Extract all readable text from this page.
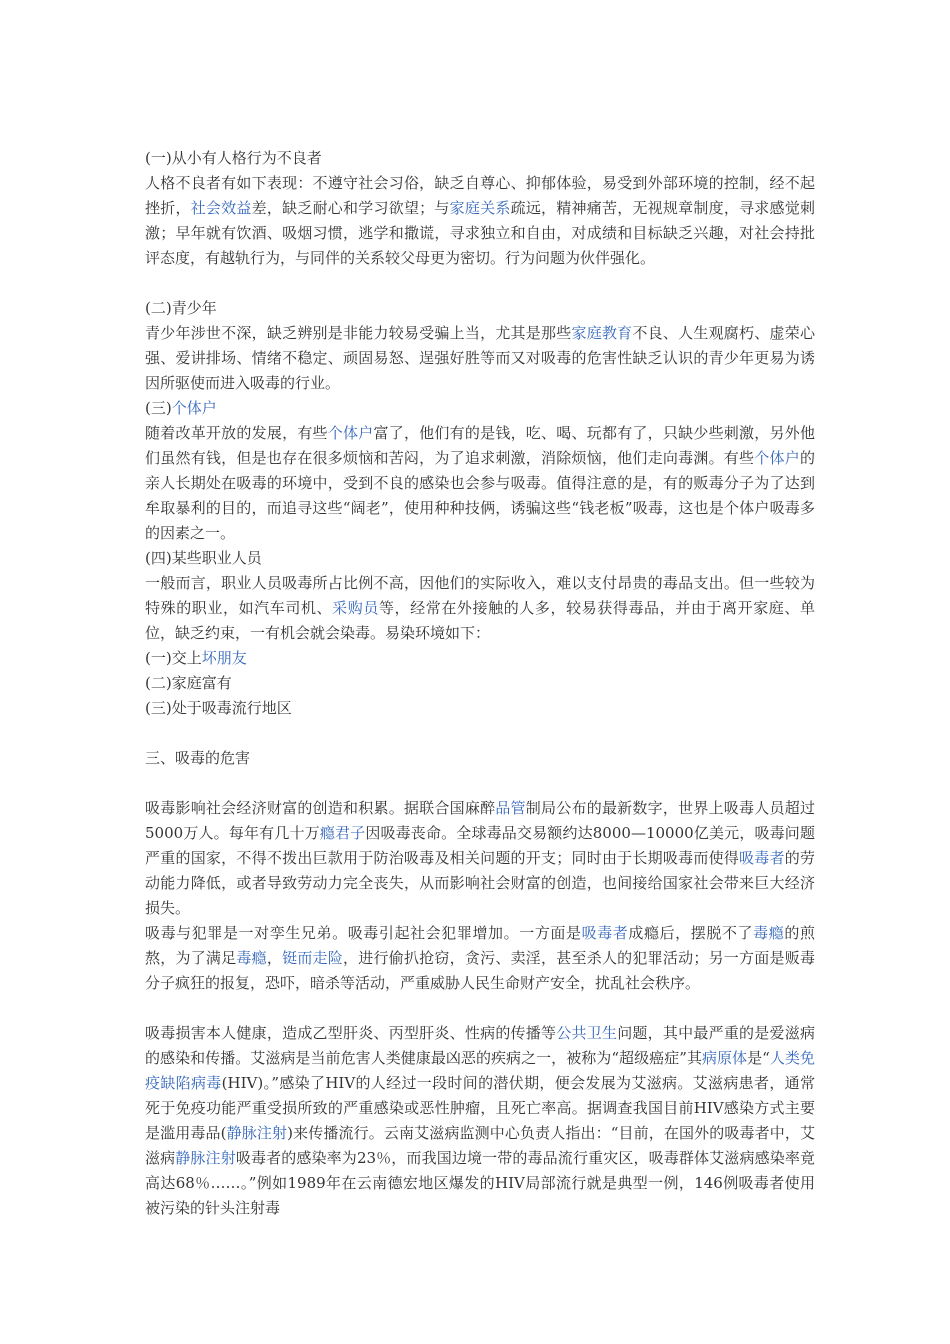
(一)从小有人格行为不良者

人格不良者有如下表现：不遵守社会习俗，缺乏自尊心、抑郁体验，易受到外部环境的控制，经不起挫折，社会效益差，缺乏耐心和学习欲望；与家庭关系疏远，精神痛苦，无视规章制度，寻求感觉刺激；早年就有饮酒、吸烟习惯，逃学和撒谎，寻求独立和自由，对成绩和目标缺乏兴趣，对社会持批评态度，有越轨行为，与同伴的关系较父母更为密切。行为问题为伙伴强化。

(二)青少年

青少年涉世不深，缺乏辨别是非能力较易受骗上当，尤其是那些家庭教育不良、人生观腐朽、虚荣心强、爱讲排场、情绪不稳定、顽固易怒、逞强好胜等而又对吸毒的危害性缺乏认识的青少年更易为诱因所驱使而进入吸毒的行业。

(三)个体户

随着改革开放的发展，有些个体户富了，他们有的是钱，吃、喝、玩都有了，只缺少些刺激，另外他们虽然有钱，但是也存在很多烦恼和苦闷，为了追求刺激，消除烦恼，他们走向毒渊。有些个体户的亲人长期处在吸毒的环境中，受到不良的感染也会参与吸毒。值得注意的是，有的贩毒分子为了达到牟取暴利的目的，而追寻这些“阔老”，使用种种技俩，诱骗这些“钱老板”吸毒，这也是个体户吸毒多的因素之一。

(四)某些职业人员

一般而言，职业人员吸毒所占比例不高，因他们的实际收入，难以支付昂贵的毒品支出。但一些较为特殊的职业，如汽车司机、采购员等，经常在外接触的人多，较易获得毒品，并由于离开家庭、单位，缺乏约束，一有机会就会染毒。易染环境如下：

(一)交上坏朋友

(二)家庭富有

(三)处于吸毒流行地区

三、吸毒的危害

吸毒影响社会经济财富的创造和积累。据联合国麻醉品管制局公布的最新数字，世界上吸毒人员超过5000万人。每年有几十万瘾君子因吸毒丧命。全球毒品交易额约达8000—10000亿美元，吸毒问题严重的国家，不得不拨出巨款用于防治吸毒及相关问题的开支；同时由于长期吸毒而使得吸毒者的劳动能力降低，或者导致劳动力完全丧失，从而影响社会财富的创造，也间接给国家社会带来巨大经济损失。

吸毒与犯罪是一对孪生兄弟。吸毒引起社会犯罪增加。一方面是吸毒者成瘾后，摆脱不了毒瘾的煎熬，为了满足毒瘾，铤而走险，进行偷扒抢窃，贪污、卖淫，甚至杀人的犯罪活动；另一方面是贩毒分子疯狂的报复，恐吓，暗杀等活动，严重威胁人民生命财产安全，扰乱社会秩序。

吸毒损害本人健康，造成乙型肝炎、丙型肝炎、性病的传播等公共卫生问题，其中最严重的是爱滋病的感染和传播。艾滋病是当前危害人类健康最凶恶的疾病之一，被称为“超级癌症”其病原体是“人类免疫缺陷病毒(HIV)。”感染了HIV的人经过一段时间的潜伏期，便会发展为艾滋病。艾滋病患者，通常死于免疫功能严重受损所致的严重感染或恶性肿瘤，且死亡率高。据调查我国目前HIV感染方式主要是滥用毒品(静脉注射)来传播流行。云南艾滋病监测中心负责人指出：“目前，在国外的吸毒者中，艾滋病静脉注射吸毒者的感染率为23％，而我国边境一带的毒品流行重灾区，吸毒群体艾滋病感染率竟高达68％……。”例如1989年在云南德宏地区爆发的HIV局部流行就是典型一例，146例吸毒者使用被污染的针头注射毒
